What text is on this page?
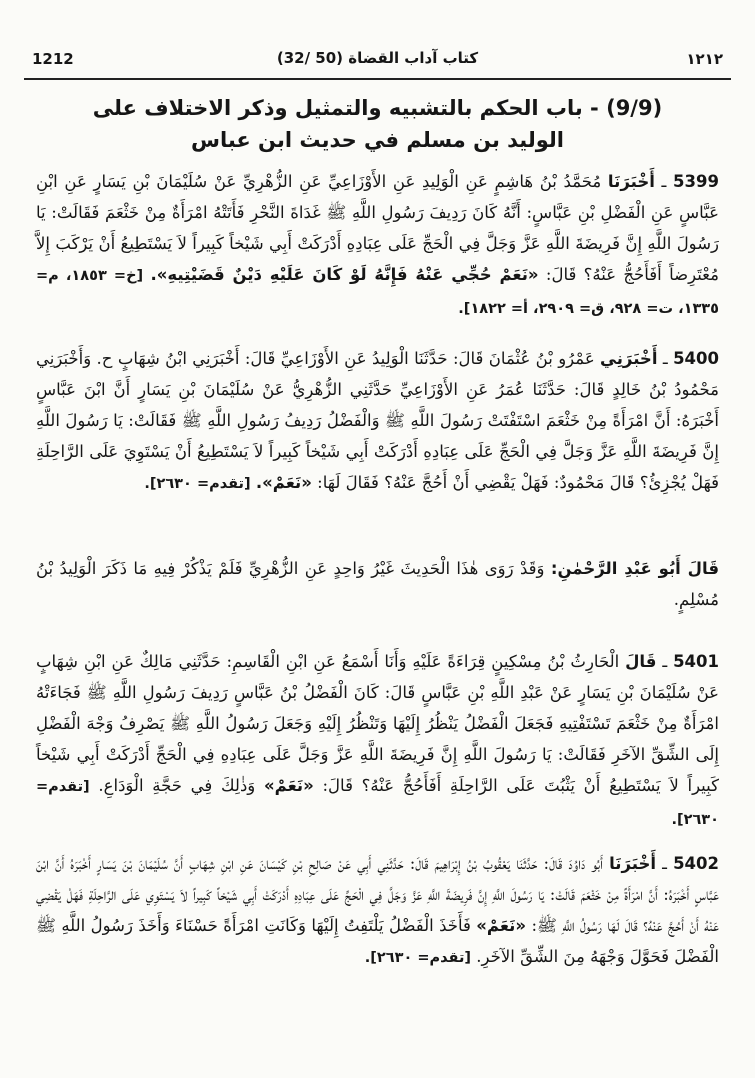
1212	(32/ 50) كتاب آداب القضاة	١٢١٢
(9/9) - باب الحكم بالتشبيه والتمثيل وذكر الاختلاف على الوليد بن مسلم في حديث ابن عباس
5399 ـ أَخْبَرَنَا مُحَمَّدُ بْنُ هَاشِمٍ عَنِ الْوَلِيدِ عَنِ الأَوْزَاعِيِّ عَنِ الزُّهْرِيِّ عَنْ سُلَيْمَانَ بْنِ يَسَارٍ عَنِ ابْنِ عَبَّاسٍ عَنِ الْفَضْلِ بْنِ عَبَّاسٍ: أَنَّهُ كَانَ رَدِيفَ رَسُولِ اللَّهِ ﷺ غَدَاةَ النَّحْرِ فَأَتَتْهُ امْرَأَةٌ مِنْ خَثْعَمَ فَقَالَتْ: يَا رَسُولَ اللَّهِ إِنَّ فَرِيضَةَ اللَّهِ عَزَّ وَجَلَّ فِي الْحَجِّ عَلَى عِبَادِهِ أَدْرَكَتْ أَبِي شَيْخاً كَبِيراً لاَ يَسْتَطِيعُ أَنْ يَرْكَبَ إِلاَّ مُعْتَرِضاً أَفَأَحُجُّ عَنْهُ؟ قَالَ: «نَعَمْ حُجِّي عَنْهُ فَإِنَّهُ لَوْ كَانَ عَلَيْهِ دَيْنٌ قَضَيْتِيهِ». [خ= ١٨٥٣، م= ١٣٣٥، ت= ٩٢٨، ق= ٢٩٠٩، أ= ١٨٢٢].
5400 ـ أَخْبَرَنِي عَمْرُو بْنُ عُثْمَانَ قَالَ: حَدَّثَنَا الْوَلِيدُ عَنِ الأَوْزَاعِيِّ قَالَ: أَخْبَرَنِي ابْنُ شِهَابٍ ح. وَأَخْبَرَنِي مَحْمُودُ بْنُ خَالِدٍ قَالَ: حَدَّثَنَا عُمَرُ عَنِ الأَوْزَاعِيِّ حَدَّثَنِي الزُّهْرِيُّ عَنْ سُلَيْمَانَ بْنِ يَسَارٍ أَنَّ ابْنَ عَبَّاسٍ أَخْبَرَهُ: أَنَّ امْرَأَةً مِنْ خَثْعَمَ اسْتَفْتَتْ رَسُولَ اللَّهِ ﷺ وَالْفَضْلُ رَدِيفُ رَسُولِ اللَّهِ ﷺ فَقَالَتْ: يَا رَسُولَ اللَّهِ إِنَّ فَرِيضَةَ اللَّهِ عَزَّ وَجَلَّ فِي الْحَجِّ عَلَى عِبَادِهِ أَدْرَكَتْ أَبِي شَيْخاً كَبِيراً لاَ يَسْتَطِيعُ أَنْ يَسْتَوِيَ عَلَى الرَّاحِلَةِ فَهَلْ يُجْزِئُ؟ قَالَ مَحْمُودٌ: فَهَلْ يَقْضِي أَنْ أَحُجَّ عَنْهُ؟ فَقَالَ لَهَا: «نَعَمْ». [تقدم= ٢٦٣٠].
قَالَ أَبُو عَبْدِ الرَّحْمٰنِ: وَقَدْ رَوَى هٰذَا الْحَدِيثَ غَيْرُ وَاحِدٍ عَنِ الزُّهْرِيِّ فَلَمْ يَذْكُرْ فِيهِ مَا ذَكَرَ الْوَلِيدُ بْنُ مُسْلِمٍ.
5401 ـ قَالَ الْحَارِثُ بْنُ مِسْكِينٍ قِرَاءَةً عَلَيْهِ وَأَنَا أَسْمَعُ عَنِ ابْنِ الْقَاسِمِ: حَدَّثَنِي مَالِكٌ عَنِ ابْنِ شِهَابٍ عَنْ سُلَيْمَانَ بْنِ يَسَارٍ عَنْ عَبْدِ اللَّهِ بْنِ عَبَّاسٍ قَالَ: كَانَ الْفَضْلُ بْنُ عَبَّاسٍ رَدِيفَ رَسُولِ اللَّهِ ﷺ فَجَاءَتْهُ امْرَأَةٌ مِنْ خَثْعَمَ تَسْتَفْتِيهِ فَجَعَلَ الْفَضْلُ يَنْظُرُ إِلَيْهَا وَتَنْظُرُ إِلَيْهِ وَجَعَلَ رَسُولُ اللَّهِ ﷺ يَصْرِفُ وَجْهَ الْفَضْلِ إِلَى الشِّقِّ الآخَرِ فَقَالَتْ: يَا رَسُولَ اللَّهِ إِنَّ فَرِيضَةَ اللَّهِ عَزَّ وَجَلَّ عَلَى عِبَادِهِ فِي الْحَجِّ أَدْرَكَتْ أَبِي شَيْخاً كَبِيراً لاَ يَسْتَطِيعُ أَنْ يَثْبُتَ عَلَى الرَّاحِلَةِ أَفَأَحُجُّ عَنْهُ؟ قَالَ: «نَعَمْ» وَذٰلِكَ فِي حَجَّةِ الْوَدَاعِ. [تقدم= ٢٦٣٠].
5402 ـ أَخْبَرَنَا أَبُو دَاوُدَ قَالَ: حَدَّثَنَا يَعْقُوبُ بْنُ إِبْرَاهِيمَ قَالَ: حَدَّثَنِي أَبِي عَنْ صَالِحِ بْنِ كَيْسَانَ عَنِ ابْنِ شِهَابٍ أَنَّ سُلَيْمَانَ بْنَ يَسَارٍ أَخْبَرَهُ أَنَّ ابْنَ عَبَّاسٍ أَخْبَرَهُ: أَنَّ امْرَأَةً مِنْ خَثْعَمَ قَالَتْ: يَا رَسُولَ اللَّهِ إِنَّ فَرِيضَةَ اللَّهِ عَزَّ وَجَلَّ فِي الْحَجِّ عَلَى عِبَادِهِ أَدْرَكَتْ أَبِي شَيْخاً كَبِيراً لاَ يَسْتَوِي عَلَى الرَّاحِلَةِ فَهَلْ يَقْضِي عَنْهُ أَنْ أَحُجَّ عَنْهُ؟ قَالَ لَهَا رَسُولُ اللَّهِ ﷺ: «نَعَمْ» فَأَخَذَ الْفَضْلُ يَلْتَفِتُ إِلَيْهَا وَكَانَتِ امْرَأَةً حَسْنَاءَ وَأَخَذَ رَسُولُ اللَّهِ ﷺ الْفَضْلَ فَحَوَّلَ وَجْهَهُ مِنَ الشِّقِّ الآخَرِ. [تقدم= ٢٦٣٠].
